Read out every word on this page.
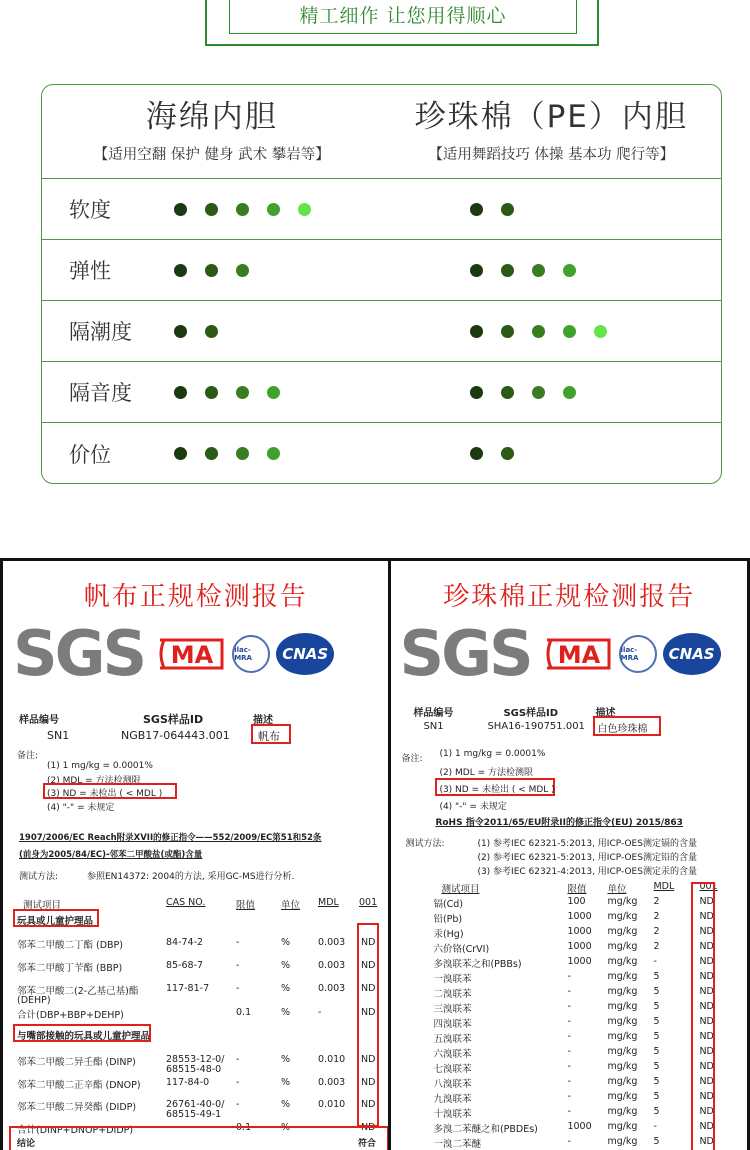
精工细作 让您用得顺心
海绵内胆
【适用空翻 保护 健身 武术 攀岩等】
珍珠棉（PE）内胆
【适用舞蹈技巧 体操 基本功 爬行等】
软度
弹性
隔潮度
隔音度
价位
帆布正规检测报告
SGS MA	ilac-MRA	CNAS
样品编号	SGS样品ID	描述
SN1	NGB17-064443.001	帆布
备注:
(1) 1 mg/kg = 0.0001%
(2) MDL = 方法检测限
(3) ND = 未检出 ( < MDL )
(4) "-" = 未规定
1907/2006/EC Reach附录XVII的修正指令——552/2009/EC第51和52条
(前身为2005/84/EC)-邻苯二甲酸盐(或酯)含量
测试方法:	参照EN14372: 2004的方法, 采用GC-MS进行分析.
测试项目	CAS NO.	限值	单位 MDL 001
玩具或儿童护理品
邻苯二甲酸二丁酯 (DBP)	84-74-2	-	%	0.003 ND
邻苯二甲酸丁苄酯 (BBP)	85-68-7	-	%	0.003 ND
邻苯二甲酸二(2-乙基己基)酯	117-81-7	-	%	0.003 ND
(DEHP)
合计(DBP+BBP+DEHP)	0.1	%	-	ND
与嘴部接触的玩具或儿童护理品
邻苯二甲酸二异壬酯 (DINP)	28553-12-0/ -	%	0.010 ND
68515-48-0
邻苯二甲酸二正辛酯 (DNOP)	117-84-0	-	%	0.003 ND
邻苯二甲酸二异癸酯 (DIDP)	26761-40-0/ -	%	0.010 ND
68515-49-1
合计(DINP+DNOP+DIDP)	0.1	%	-	ND
结论	符合
珍珠棉正规检测报告
SGS MA	ilac-MRA	CNAS
样品编号	SGS样品ID	描述
SN1	SHA16-190751.001 白色珍珠棉
备注: (1) 1 mg/kg = 0.0001%
(2) MDL = 方法检测限
(3) ND = 未检出 ( < MDL )
(4) "-" = 未规定
RoHS 指令2011/65/EU附录II的修正指令(EU) 2015/863
测试方法:	(1) 参考IEC 62321-5:2013, 用ICP-OES测定镉的含量
(2) 参考IEC 62321-5:2013, 用ICP-OES测定铅的含量
(3) 参考IEC 62321-4:2013, 用ICP-OES测定汞的含量
测试项目	限值 单位	MDL	001
镉(Cd)	100 mg/kg 2	ND
铅(Pb)	1000 mg/kg 2	ND
汞(Hg)	1000 mg/kg 2	ND
六价铬(CrVI)	1000 mg/kg 2	ND
多溴联苯之和(PBBs)	1000 mg/kg -	ND
一溴联苯	-	mg/kg 5	ND
二溴联苯	-	mg/kg 5	ND
三溴联苯	-	mg/kg 5	ND
四溴联苯	-	mg/kg 5	ND
五溴联苯	-	mg/kg 5	ND
六溴联苯	-	mg/kg 5	ND
七溴联苯	-	mg/kg 5	ND
八溴联苯	-	mg/kg 5	ND
九溴联苯	-	mg/kg 5	ND
十溴联苯	-	mg/kg 5	ND
多溴二苯醚之和(PBDEs)	1000 mg/kg -	ND
一溴二苯醚	-	mg/kg 5	ND
